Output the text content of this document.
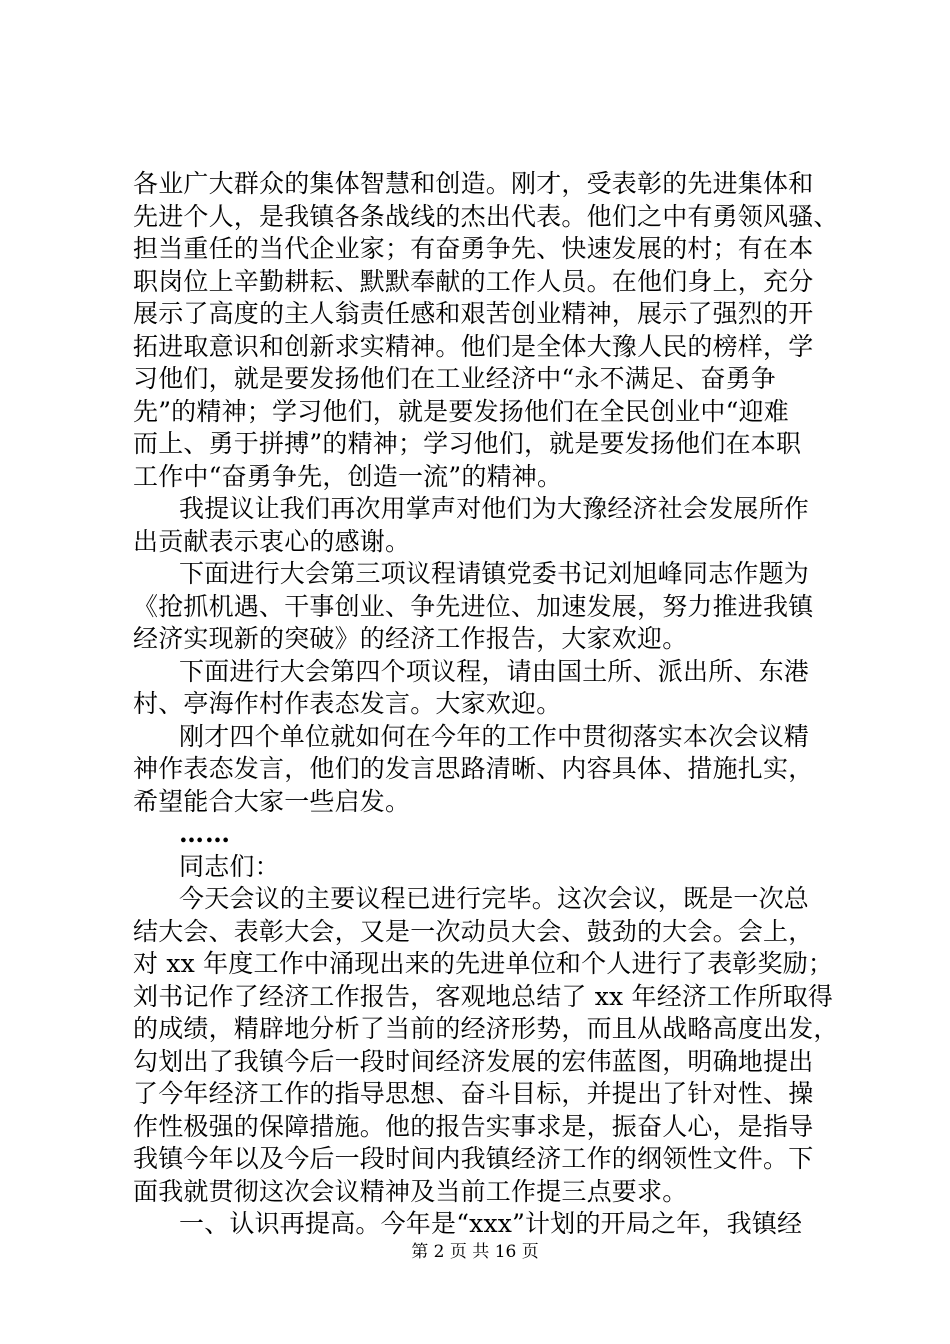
各业广大群众的集体智慧和创造。刚才，受表彰的先进集体和
先进个人，是我镇各条战线的杰出代表。他们之中有勇领风骚、
担当重任的当代企业家；有奋勇争先、快速发展的村；有在本
职岗位上辛勤耕耘、默默奉献的工作人员。在他们身上，充分
展示了高度的主人翁责任感和艰苦创业精神，展示了强烈的开
拓进取意识和创新求实精神。他们是全体大豫人民的榜样，学
习他们，就是要发扬他们在工业经济中“永不满足、奋勇争
先”的精神；学习他们，就是要发扬他们在全民创业中“迎难
而上、勇于拼搏”的精神；学习他们，就是要发扬他们在本职
工作中“奋勇争先，创造一流”的精神。
我提议让我们再次用掌声对他们为大豫经济社会发展所作
出贡献表示衷心的感谢。
下面进行大会第三项议程请镇党委书记刘旭峰同志作题为
《抢抓机遇、干事创业、争先进位、加速发展，努力推进我镇
经济实现新的突破》的经济工作报告，大家欢迎。
下面进行大会第四个项议程，请由国土所、派出所、东港
村、亭海作村作表态发言。大家欢迎。
刚才四个单位就如何在今年的工作中贯彻落实本次会议精
神作表态发言，他们的发言思路清晰、内容具体、措施扎实，
希望能合大家一些启发。
……
同志们：
今天会议的主要议程已进行完毕。这次会议，既是一次总
结大会、表彰大会，又是一次动员大会、鼓劲的大会。会上，
对 xx 年度工作中涌现出来的先进单位和个人进行了表彰奖励；
刘书记作了经济工作报告，客观地总结了 xx 年经济工作所取得
的成绩，精辟地分析了当前的经济形势，而且从战略高度出发，
勾划出了我镇今后一段时间经济发展的宏伟蓝图，明确地提出
了今年经济工作的指导思想、奋斗目标，并提出了针对性、操
作性极强的保障措施。他的报告实事求是，振奋人心，是指导
我镇今年以及今后一段时间内我镇经济工作的纲领性文件。下
面我就贯彻这次会议精神及当前工作提三点要求。
一、认识再提高。今年是“xxx”计划的开局之年，我镇经
第 2 页 共 16 页
